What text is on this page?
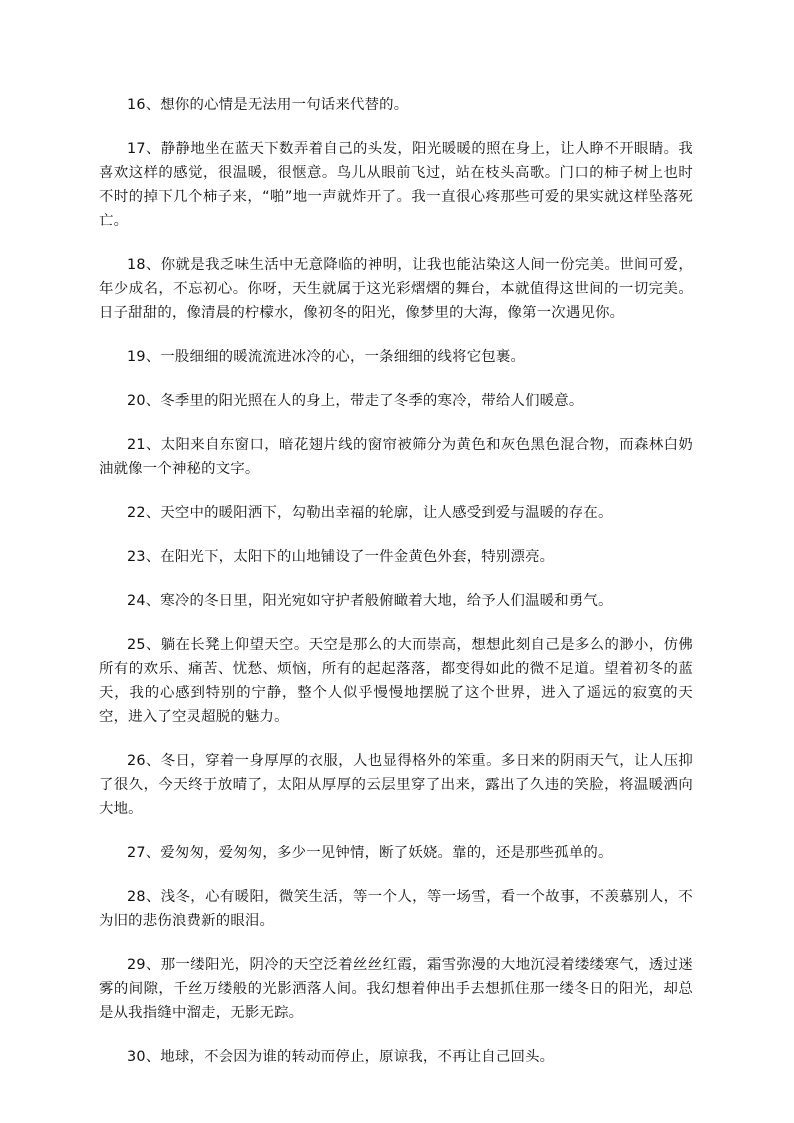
16、想你的心情是无法用一句话来代替的。

17、静静地坐在蓝天下数弄着自己的头发，阳光暖暖的照在身上，让人睁不开眼睛。我喜欢这样的感觉，很温暖，很惬意。鸟儿从眼前飞过，站在枝头高歌。门口的柿子树上也时不时的掉下几个柿子来，“啪”地一声就炸开了。我一直很心疼那些可爱的果实就这样坠落死亡。

18、你就是我乏味生活中无意降临的神明，让我也能沾染这人间一份完美。世间可爱，年少成名，不忘初心。你呀，天生就属于这光彩熠熠的舞台，本就值得这世间的一切完美。日子甜甜的，像清晨的柠檬水，像初冬的阳光，像梦里的大海，像第一次遇见你。

19、一股细细的暖流流进冰冷的心，一条细细的线将它包裹。

20、冬季里的阳光照在人的身上，带走了冬季的寒冷，带给人们暖意。

21、太阳来自东窗口，暗花翅片线的窗帘被筛分为黄色和灰色黑色混合物，而森林白奶油就像一个神秘的文字。

22、天空中的暖阳洒下，勾勒出幸福的轮廓，让人感受到爱与温暖的存在。

23、在阳光下，太阳下的山地铺设了一件金黄色外套，特别漂亮。

24、寒冷的冬日里，阳光宛如守护者般俯瞰着大地，给予人们温暖和勇气。

25、躺在长凳上仰望天空。天空是那么的大而崇高，想想此刻自己是多么的渺小，仿佛所有的欢乐、痛苦、忧愁、烦恼，所有的起起落落，都变得如此的微不足道。望着初冬的蓝天，我的心感到特别的宁静，整个人似乎慢慢地摆脱了这个世界，进入了遥远的寂寞的天空，进入了空灵超脱的魅力。

26、冬日，穿着一身厚厚的衣服，人也显得格外的笨重。多日来的阴雨天气，让人压抑了很久，今天终于放晴了，太阳从厚厚的云层里穿了出来，露出了久违的笑脸，将温暖洒向大地。

27、爱匆匆，爱匆匆，多少一见钟情，断了妖娆。靠的，还是那些孤单的。

28、浅冬，心有暖阳，微笑生活，等一个人，等一场雪，看一个故事，不羡慕别人，不为旧的悲伤浪费新的眼泪。

29、那一缕阳光，阴冷的天空泛着丝丝红霞，霜雪弥漫的大地沉浸着缕缕寒气，透过迷雾的间隙，千丝万缕般的光影洒落人间。我幻想着伸出手去想抓住那一缕冬日的阳光，却总是从我指缝中溜走，无影无踪。

30、地球，不会因为谁的转动而停止，原谅我，不再让自己回头。
